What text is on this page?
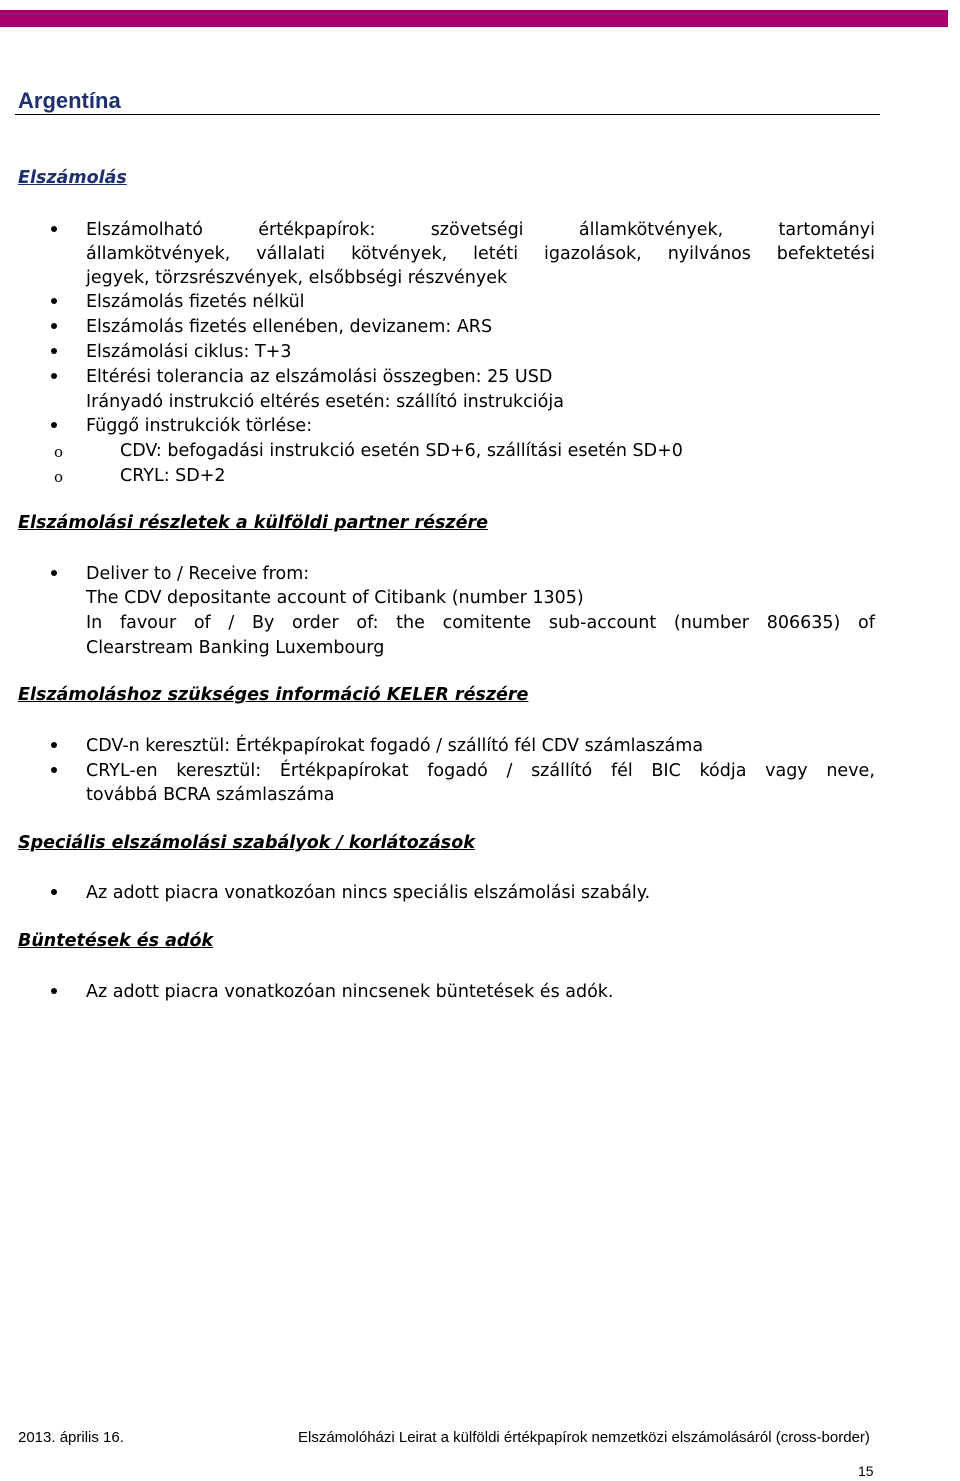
Argentína
Elszámolás
Elszámolható	értékpapírok:	szövetségi	államkötvények,	tartományi
államkötvények, vállalati kötvények, letéti igazolások, nyilvános befektetési
jegyek, törzsrészvények, elsőbbségi részvények
Elszámolás fizetés nélkül
Elszámolás fizetés ellenében, devizanem: ARS
Elszámolási ciklus: T+3
Eltérési tolerancia az elszámolási összegben: 25 USD
Irányadó instrukció eltérés esetén: szállító instrukciója
Függő instrukciók törlése:
o	CDV: befogadási instrukció esetén SD+6, szállítási esetén SD+0
o	CRYL: SD+2
Elszámolási részletek a külföldi partner részére
Deliver to / Receive from:
The CDV depositante account of Citibank (number 1305)
In favour of / By order of: the comitente sub-account (number 806635) of
Clearstream Banking Luxembourg
Elszámoláshoz szükséges információ KELER részére
CDV-n keresztül: Értékpapírokat fogadó / szállító fél CDV számlaszáma
CRYL-en keresztül: Értékpapírokat fogadó / szállító fél BIC kódja vagy neve,
továbbá BCRA számlaszáma
Speciális elszámolási szabályok / korlátozások
Az adott piacra vonatkozóan nincs speciális elszámolási szabály.
Büntetések és adók
Az adott piacra vonatkozóan nincsenek büntetések és adók.
2013. április 16.	Elszámolóházi Leirat a külföldi értékpapírok nemzetközi elszámolásáról (cross-border)
15
